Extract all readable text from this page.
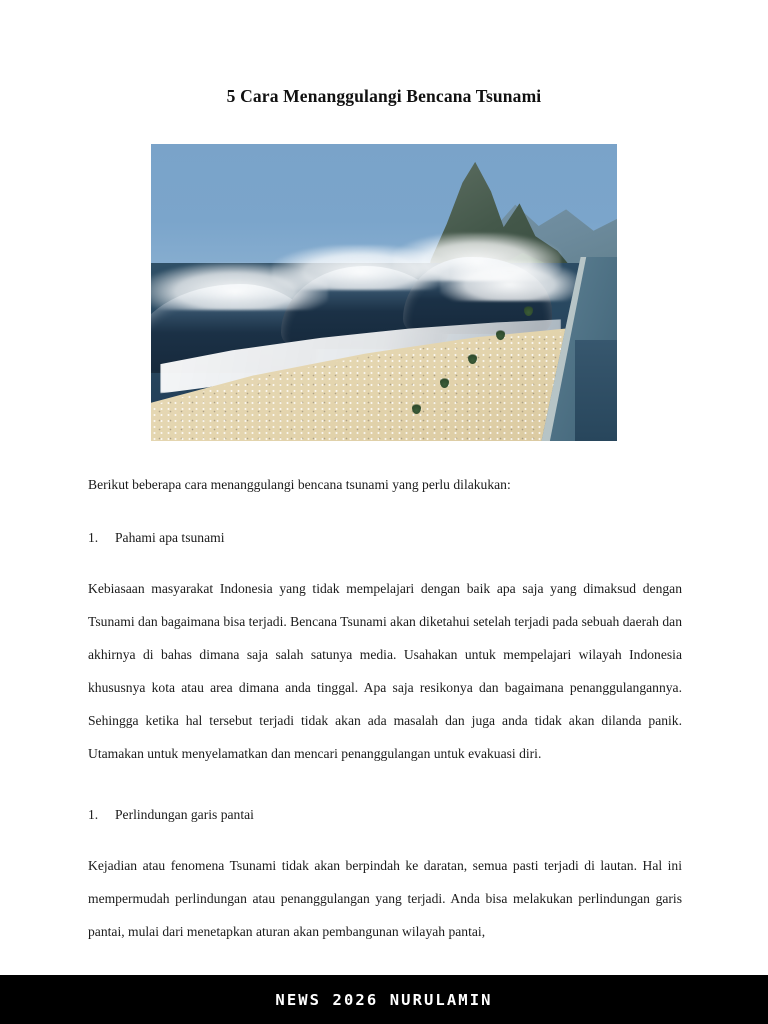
5 Cara Menanggulangi Bencana Tsunami

Berikut beberapa cara menanggulangi bencana tsunami yang perlu dilakukan:

1. Pahami apa tsunami

Kebiasaan masyarakat Indonesia yang tidak mempelajari dengan baik apa saja yang dimaksud dengan Tsunami dan bagaimana bisa terjadi. Bencana Tsunami akan diketahui setelah terjadi pada sebuah daerah dan akhirnya di bahas dimana saja salah satunya media. Usahakan untuk mempelajari wilayah Indonesia khususnya kota atau area dimana anda tinggal. Apa saja resikonya dan bagaimana penanggulangannya. Sehingga ketika hal tersebut terjadi tidak akan ada masalah dan juga anda tidak akan dilanda panik. Utamakan untuk menyelamatkan dan mencari penanggulangan untuk evakuasi diri.

1. Perlindungan garis pantai

Kejadian atau fenomena Tsunami tidak akan berpindah ke daratan, semua pasti terjadi di lautan. Hal ini mempermudah perlindungan atau penanggulangan yang terjadi. Anda bisa melakukan perlindungan garis pantai, mulai dari menetapkan aturan akan pembangunan wilayah pantai,

NEWS 2026 NURULAMIN
